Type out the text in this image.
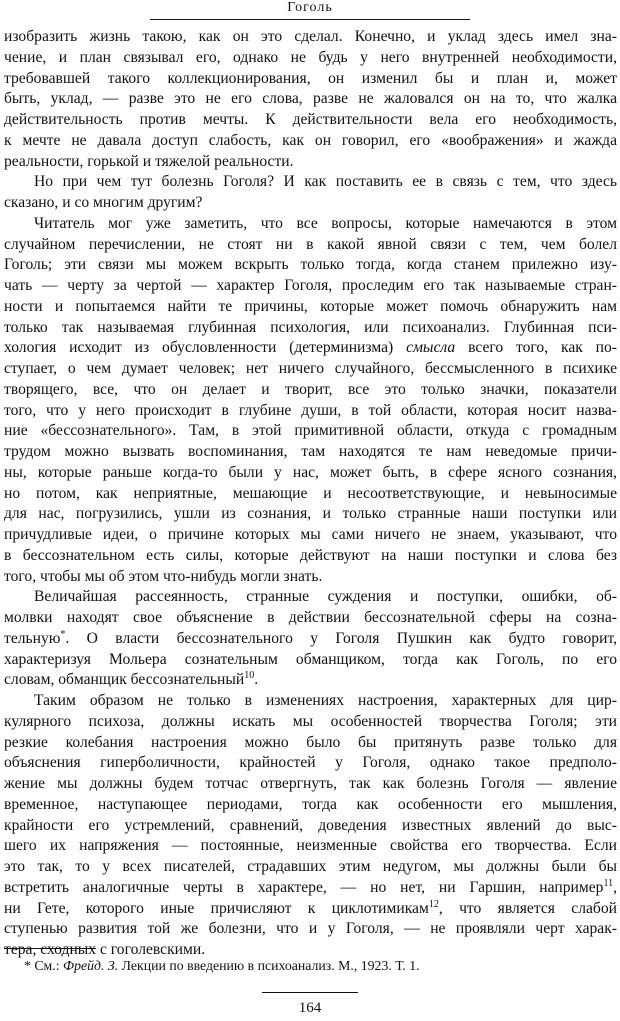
Гоголь
изобразить жизнь такою, как он это сделал. Конечно, и уклад здесь имел зна-
чение, и план связывал его, однако не будь у него внутренней необходимости,
требовавшей такого коллекционирования, он изменил бы и план и, может
быть, уклад, — разве это не его слова, разве не жаловался он на то, что жалка
действительность против мечты. К действительности вела его необходимость,
к мечте не давала доступ слабость, как он говорил, его «воображения» и жажда
реальности, горькой и тяжелой реальности.
Но при чем тут болезнь Гоголя? И как поставить ее в связь с тем, что здесь
сказано, и со многим другим?
Читатель мог уже заметить, что все вопросы, которые намечаются в этом
случайном перечислении, не стоят ни в какой явной связи с тем, чем болел
Гоголь; эти связи мы можем вскрыть только тогда, когда станем прилежно изу-
чать — черту за чертой — характер Гоголя, проследим его так называемые стран-
ности и попытаемся найти те причины, которые может помочь обнаружить нам
только так называемая глубинная психология, или психоанализ. Глубинная пси-
хология исходит из обусловленности (детерминизма) смысла всего того, как по-
ступает, о чем думает человек; нет ничего случайного, бессмысленного в психике
творящего, все, что он делает и творит, все это только значки, показатели
того, что у него происходит в глубине души, в той области, которая носит назва-
ние «бессознательного». Там, в этой примитивной области, откуда с громадным
трудом можно вызвать воспоминания, там находятся те нам неведомые причи-
ны, которые раньше когда-то были у нас, может быть, в сфере ясного сознания,
но потом, как неприятные, мешающие и несоответствующие, и невыносимые
для нас, погрузились, ушли из сознания, и только странные наши поступки или
причудливые идеи, о причине которых мы сами ничего не знаем, указывают, что
в бессознательном есть силы, которые действуют на наши поступки и слова без
того, чтобы мы об этом что-нибудь могли знать.
Величайшая рассеянность, странные суждения и поступки, ошибки, об-
молвки находят свое объяснение в действии бессознательной сферы на созна-
тельную*. О власти бессознательного у Гоголя Пушкин как будто говорит,
характеризуя Мольера сознательным обманщиком, тогда как Гоголь, по его
словам, обманщик бессознательный$^{10}$.
Таким образом не только в изменениях настроения, характерных для цир-
кулярного психоза, должны искать мы особенностей творчества Гоголя; эти
резкие колебания настроения можно было бы притянуть разве только для
объяснения гиперболичности, крайностей у Гоголя, однако такое предполо-
жение мы должны будем тотчас отвергнуть, так как болезнь Гоголя — явление
временное, наступающее периодами, тогда как особенности его мышления,
крайности его устремлений, сравнений, доведения известных явлений до выс-
шего их напряжения — постоянные, неизменные свойства его творчества. Если
это так, то у всех писателей, страдавших этим недугом, мы должны были бы
встретить аналогичные черты в характере, — но нет, ни Гаршин, например$^{11}$,
ни Гете, которого иные причисляют к циклотимикам$^{12}$, что является слабой
ступенью развития той же болезни, что и у Гоголя, — не проявляли черт харак-
тера, сходных с гоголевскими.
* См.: Фрейд. З. Лекции по введению в психоанализ. М., 1923. Т. 1.
164
